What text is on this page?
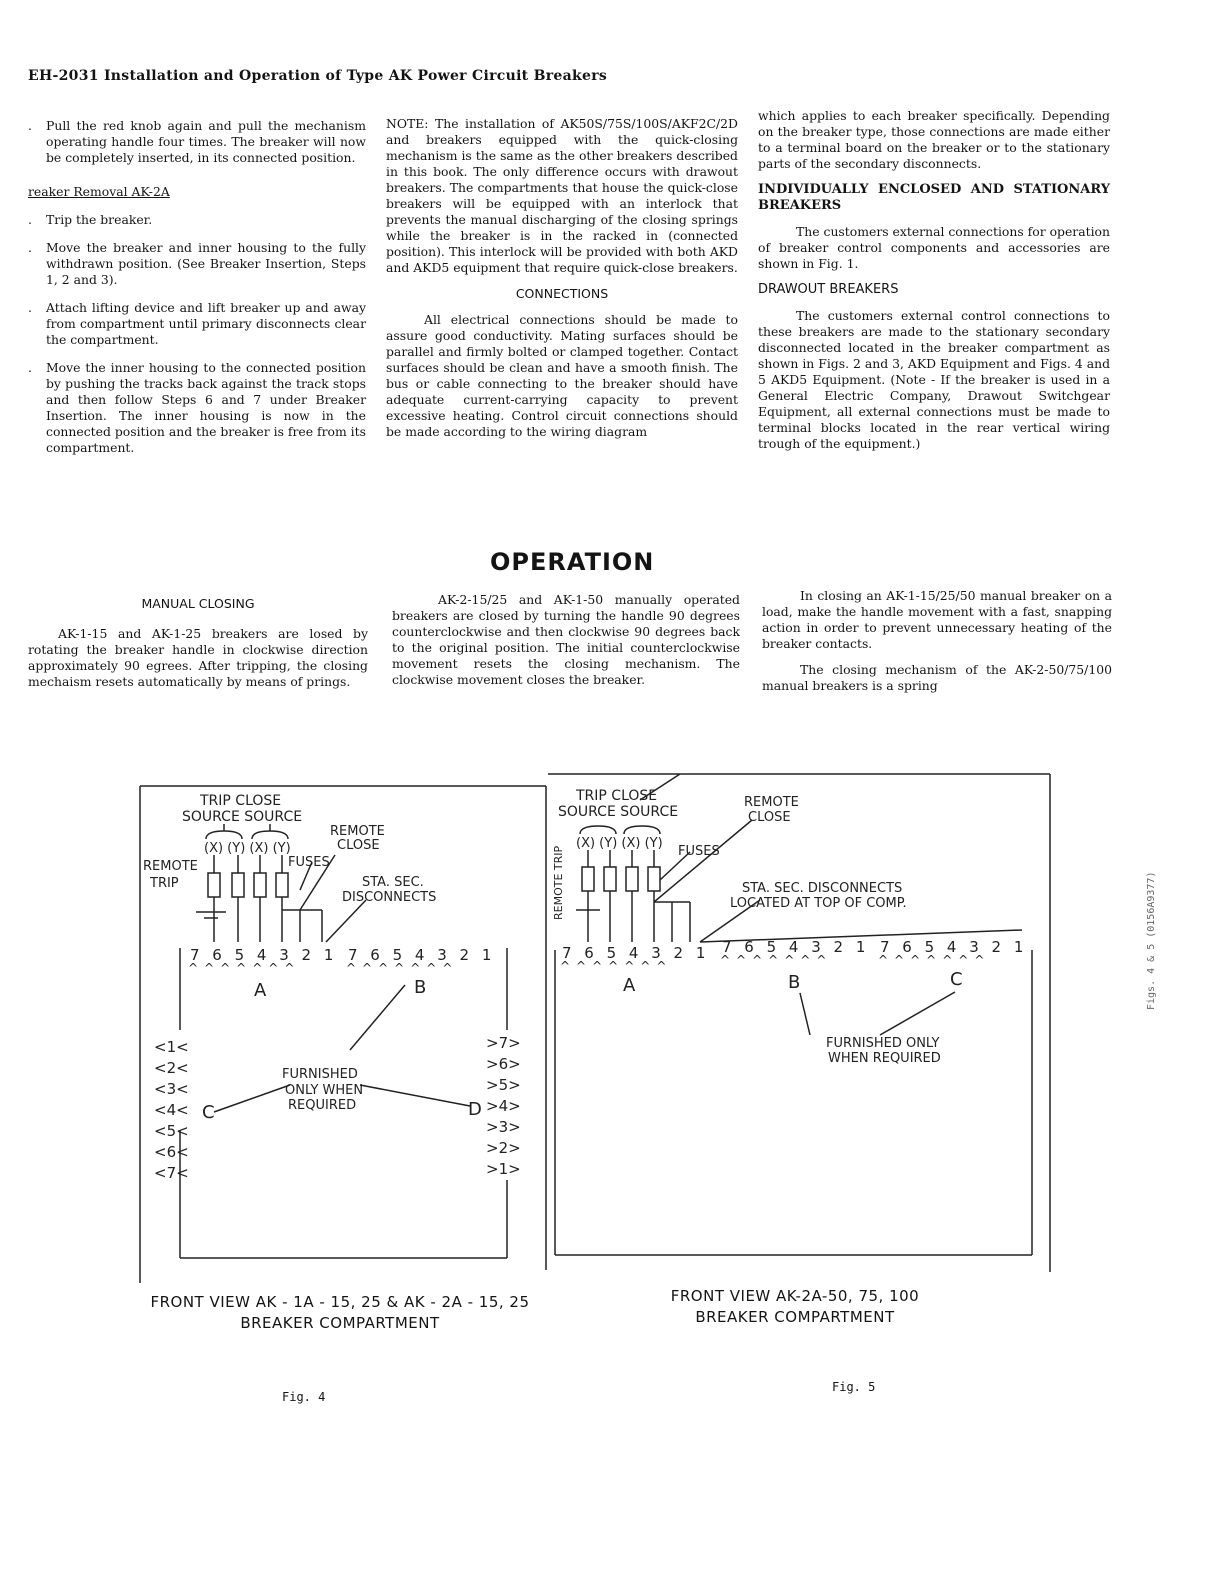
EH-2031 Installation and Operation of Type AK Power Circuit Breakers
.	Pull the red knob again and pull the mechanism operating handle four times. The breaker will now be completely inserted, in its connected position.
reaker Removal AK-2A
.	Trip the breaker.
.	Move the breaker and inner housing to the fully withdrawn position. (See Breaker Insertion, Steps 1, 2 and 3).
.	Attach lifting device and lift breaker up and away from compartment until primary disconnects clear the compartment.
.	Move the inner housing to the connected position by pushing the tracks back against the track stops and then follow Steps 6 and 7 under Breaker Insertion. The inner housing is now in the connected position and the breaker is free from its compartment.

NOTE: The installation of AK50S/75S/100S/AKF2C/2D and breakers equipped with the quick-closing mechanism is the same as the other breakers described in this book. The only difference occurs with drawout breakers. The compartments that house the quick-close breakers will be equipped with an interlock that prevents the manual discharging of the closing springs while the breaker is in the racked in (connected position). This interlock will be provided with both AKD and AKD5 equipment that require quick-close breakers.

CONNECTIONS

All electrical connections should be made to assure good conductivity. Mating surfaces should be parallel and firmly bolted or clamped together. Contact surfaces should be clean and have a smooth finish. The bus or cable connecting to the breaker should have adequate current-carrying capacity to prevent excessive heating. Control circuit connections should be made according to the wiring diagram

which applies to each breaker specifically. Depending on the breaker type, those connections are made either to a terminal board on the breaker or to the stationary parts of the secondary disconnects.

INDIVIDUALLY ENCLOSED AND STATIONARY BREAKERS

The customers external connections for operation of breaker control components and accessories are shown in Fig. 1.

DRAWOUT BREAKERS

The customers external control connections to these breakers are made to the stationary secondary disconnected located in the breaker compartment as shown in Figs. 2 and 3, AKD Equipment and Figs. 4 and 5 AKD5 Equipment. (Note - If the breaker is used in a General Electric Company, Drawout Switchgear Equipment, all external connections must be made to terminal blocks located in the rear vertical wiring trough of the equipment.)

OPERATION
MANUAL CLOSING

AK-1-15 and AK-1-25 breakers are losed by rotating the breaker handle in clockwise direction approximately 90 egrees. After tripping, the closing mechaism resets automatically by means of prings.

AK-2-15/25 and AK-1-50 manually operated breakers are closed by turning the handle 90 degrees counterclockwise and then clockwise 90 degrees back to the original position. The initial counterclockwise movement resets the closing mechanism. The clockwise movement closes the breaker.

In closing an AK-1-15/25/50 manual breaker on a load, make the handle movement with a fast, snapping action in order to prevent unnecessary heating of the breaker contacts.

The closing mechanism of the AK-2-50/75/100 manual breakers is a spring

TRIP CLOSE
SOURCE SOURCE
(X) (Y) (X) (Y)
REMOTE
TRIP
REMOTE
CLOSE
FUSES
STA. SEC.
DISCONNECTS
7 6 5 4 3 2 1 7 6 5 4 3 2 1
^^^^^^^	^^^^^^^
A	B
C	D
FURNISHED
ONLY WHEN
REQUIRED
<1<
<2<
<3<
<4<
<5<
<6<
<7<
>7>
>6>
>5>
>4>
>3>
>2>
>1>
TRIP CLOSE
SOURCE SOURCE
(X) (Y) (X) (Y)
REMOTE TRIP
REMOTE
CLOSE
FUSES
STA. SEC. DISCONNECTS
LOCATED AT TOP OF COMP.
7 6 5 4 3 2 1 7 6 5 4 3 2 1 7 6 5 4 3 2 1
^^^^^^^	^^^^^^^	^^^^^^^
A	B	C
FURNISHED ONLY
WHEN REQUIRED
FRONT VIEW AK - 1A - 15, 25 & AK - 2A - 15, 25
BREAKER COMPARTMENT
FRONT VIEW AK-2A-50, 75, 100
BREAKER COMPARTMENT
Fig. 4
Fig. 5
Figs. 4 & 5 (0156A9377)
